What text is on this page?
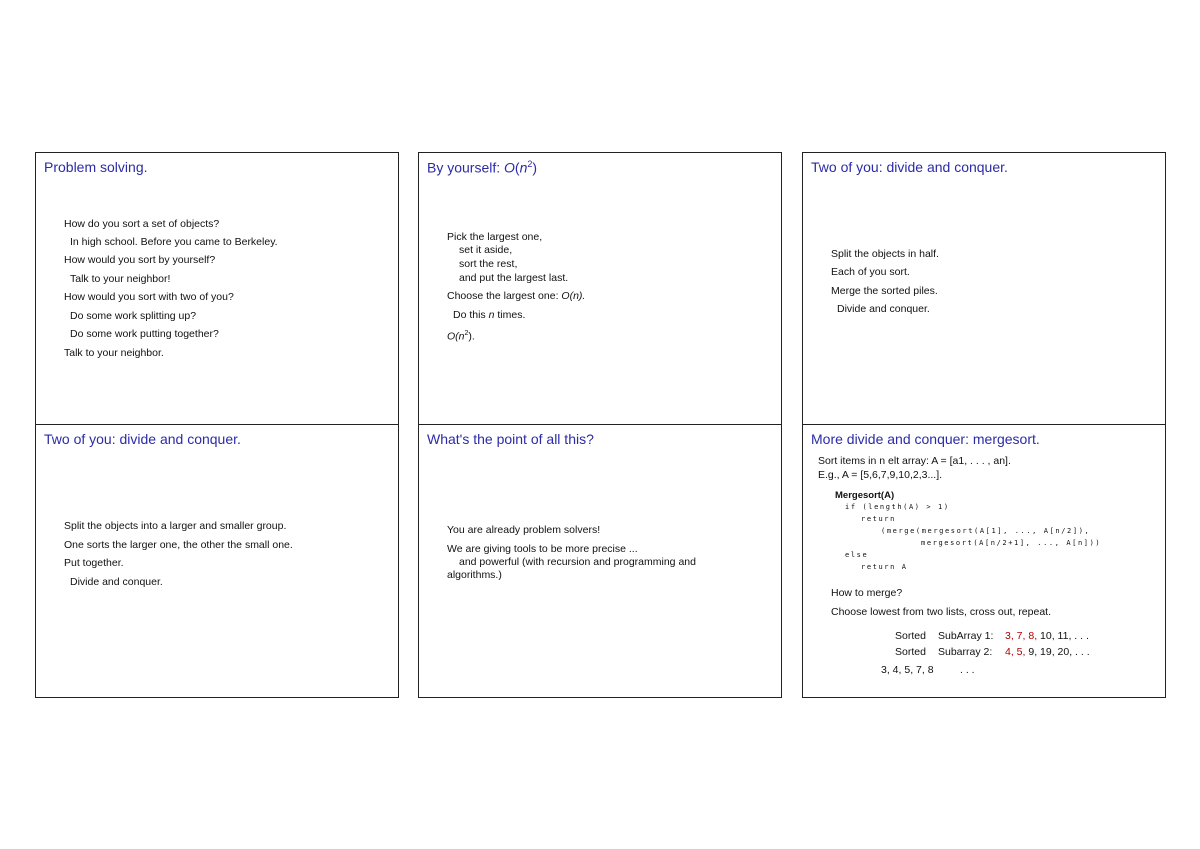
Problem solving.
How do you sort a set of objects?
In high school. Before you came to Berkeley.
How would you sort by yourself?
Talk to your neighbor!
How would you sort with two of you?
Do some work splitting up?
Do some work putting together?
Talk to your neighbor.
By yourself: $O(n^2)$
Pick the largest one,
set it aside,
sort the rest,
and put the largest last.
Choose the largest one: O(n).
Do this n times.
$O(n^2)$.
Two of you: divide and conquer.
Split the objects in half.
Each of you sort.
Merge the sorted piles.
Divide and conquer.
Two of you: divide and conquer.
Split the objects into a larger and smaller group.
One sorts the larger one, the other the small one.
Put together.
Divide and conquer.
What's the point of all this?
You are already problem solvers!
We are giving tools to be more precise ...
and powerful (with recursion and programming and
algorithms.)
More divide and conquer: mergesort.
Sort items in n elt array: A = [a1, . . . , an].
E.g., A = [5,6,7,9,10,2,3...].
Mergesort(A)
if (length(A) > 1)
return
(merge(mergesort(A[1], ..., A[n/2]),
mergesort(A[n/2+1], ..., A[n]))
else
return A
How to merge?
Choose lowest from two lists, cross out, repeat.
Sorted SubArray 1: 3, 7, 8, 10, 11, . . .
Sorted Subarray 2: 4, 5, 9, 19, 20, . . .
3, 4, 5, 7, 8	. . .
